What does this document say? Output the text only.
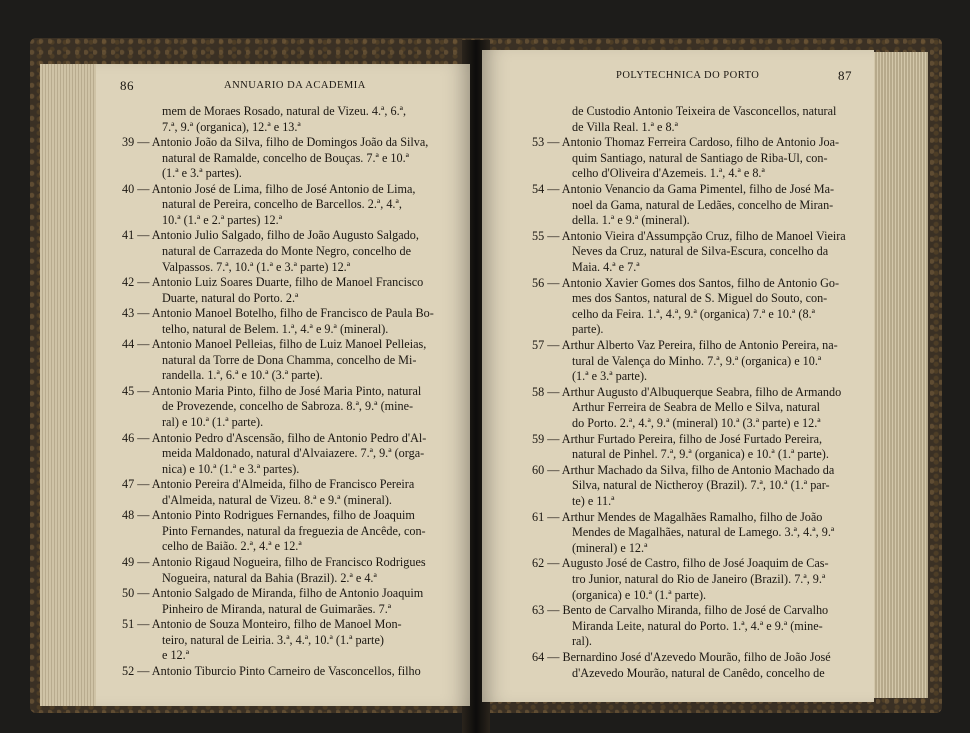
86	ANNUARIO DA ACADEMIA
mem de Moraes Rosado, natural de Vizeu. 4.ª, 6.ª,
7.ª, 9.ª (organica), 12.ª e 13.ª
39 — Antonio João da Silva, filho de Domingos João da Silva,
natural de Ramalde, concelho de Bouças. 7.ª e 10.ª
(1.ª e 3.ª partes).
40 — Antonio José de Lima, filho de José Antonio de Lima,
natural de Pereira, concelho de Barcellos. 2.ª, 4.ª,
10.ª (1.ª e 2.ª partes) 12.ª
41 — Antonio Julio Salgado, filho de João Augusto Salgado,
natural de Carrazeda do Monte Negro, concelho de
Valpassos. 7.ª, 10.ª (1.ª e 3.ª parte) 12.ª
42 — Antonio Luiz Soares Duarte, filho de Manoel Francisco
Duarte, natural do Porto. 2.ª
43 — Antonio Manoel Botelho, filho de Francisco de Paula Bo-
telho, natural de Belem. 1.ª, 4.ª e 9.ª (mineral).
44 — Antonio Manoel Pelleias, filho de Luiz Manoel Pelleias,
natural da Torre de Dona Chamma, concelho de Mi-
randella. 1.ª, 6.ª e 10.ª (3.ª parte).
45 — Antonio Maria Pinto, filho de José Maria Pinto, natural
de Provezende, concelho de Sabroza. 8.ª, 9.ª (mine-
ral) e 10.ª (1.ª parte).
46 — Antonio Pedro d'Ascensão, filho de Antonio Pedro d'Al-
meida Maldonado, natural d'Alvaiazere. 7.ª, 9.ª (orga-
nica) e 10.ª (1.ª e 3.ª partes).
47 — Antonio Pereira d'Almeida, filho de Francisco Pereira
d'Almeida, natural de Vizeu. 8.ª e 9.ª (mineral).
48 — Antonio Pinto Rodrigues Fernandes, filho de Joaquim
Pinto Fernandes, natural da freguezia de Ancêde, con-
celho de Baião. 2.ª, 4.ª e 12.ª
49 — Antonio Rigaud Nogueira, filho de Francisco Rodrigues
Nogueira, natural da Bahia (Brazil). 2.ª e 4.ª
50 — Antonio Salgado de Miranda, filho de Antonio Joaquim
Pinheiro de Miranda, natural de Guimarães. 7.ª
51 — Antonio de Souza Monteiro, filho de Manoel Mon-
teiro, natural de Leiria. 3.ª, 4.ª, 10.ª (1.ª parte)
e 12.ª
52 — Antonio Tiburcio Pinto Carneiro de Vasconcellos, filho
POLYTECHNICA DO PORTO	87
de Custodio Antonio Teixeira de Vasconcellos, natural
de Villa Real. 1.ª e 8.ª
53 — Antonio Thomaz Ferreira Cardoso, filho de Antonio Joa-
quim Santiago, natural de Santiago de Riba-Ul, con-
celho d'Oliveira d'Azemeis. 1.ª, 4.ª e 8.ª
54 — Antonio Venancio da Gama Pimentel, filho de José Ma-
noel da Gama, natural de Ledães, concelho de Miran-
della. 1.ª e 9.ª (mineral).
55 — Antonio Vieira d'Assumpção Cruz, filho de Manoel Vieira
Neves da Cruz, natural de Silva-Escura, concelho da
Maia. 4.ª e 7.ª
56 — Antonio Xavier Gomes dos Santos, filho de Antonio Go-
mes dos Santos, natural de S. Miguel do Souto, con-
celho da Feira. 1.ª, 4.ª, 9.ª (organica) 7.ª e 10.ª (8.ª
parte).
57 — Arthur Alberto Vaz Pereira, filho de Antonio Pereira, na-
tural de Valença do Minho. 7.ª, 9.ª (organica) e 10.ª
(1.ª e 3.ª parte).
58 — Arthur Augusto d'Albuquerque Seabra, filho de Armando
Arthur Ferreira de Seabra de Mello e Silva, natural
do Porto. 2.ª, 4.ª, 9.ª (mineral) 10.ª (3.ª parte) e 12.ª
59 — Arthur Furtado Pereira, filho de José Furtado Pereira,
natural de Pinhel. 7.ª, 9.ª (organica) e 10.ª (1.ª parte).
60 — Arthur Machado da Silva, filho de Antonio Machado da
Silva, natural de Nictheroy (Brazil). 7.ª, 10.ª (1.ª par-
te) e 11.ª
61 — Arthur Mendes de Magalhães Ramalho, filho de João
Mendes de Magalhães, natural de Lamego. 3.ª, 4.ª, 9.ª
(mineral) e 12.ª
62 — Augusto José de Castro, filho de José Joaquim de Cas-
tro Junior, natural do Rio de Janeiro (Brazil). 7.ª, 9.ª
(organica) e 10.ª (1.ª parte).
63 — Bento de Carvalho Miranda, filho de José de Carvalho
Miranda Leite, natural do Porto. 1.ª, 4.ª e 9.ª (mine-
ral).
64 — Bernardino José d'Azevedo Mourão, filho de João José
d'Azevedo Mourão, natural de Canêdo, concelho de
